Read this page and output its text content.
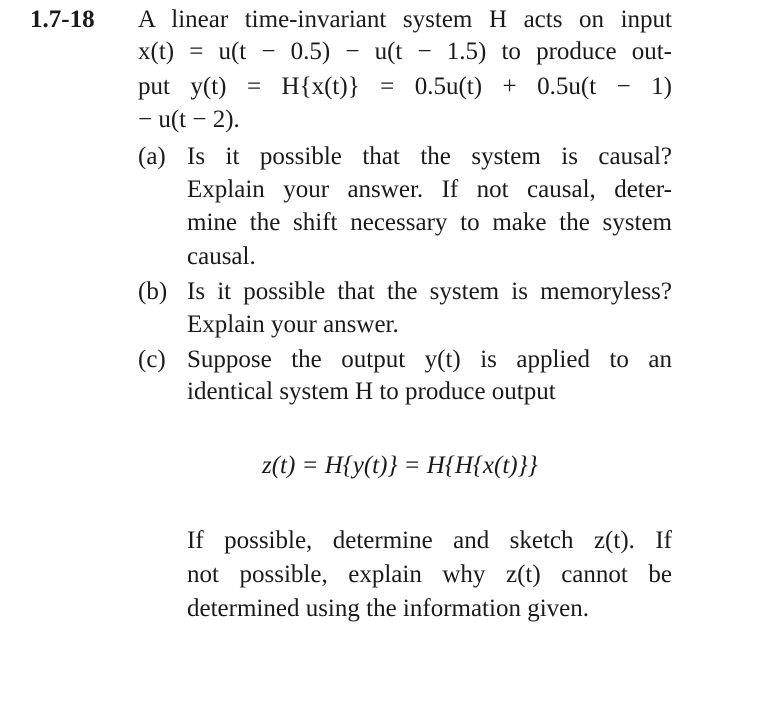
1.7-18 A linear time-invariant system H acts on input
x(t) = u(t − 0.5) − u(t − 1.5) to produce out-
put y(t) = H{x(t)} = 0.5u(t) + 0.5u(t − 1)
− u(t − 2).
(a) Is it possible that the system is causal?
Explain your answer. If not causal, deter-
mine the shift necessary to make the system
causal.
(b) Is it possible that the system is memoryless?
Explain your answer.
(c) Suppose the output y(t) is applied to an
identical system H to produce output
z(t) = H{y(t)} = H{H{x(t)}}
If possible, determine and sketch z(t). If
not possible, explain why z(t) cannot be
determined using the information given.
